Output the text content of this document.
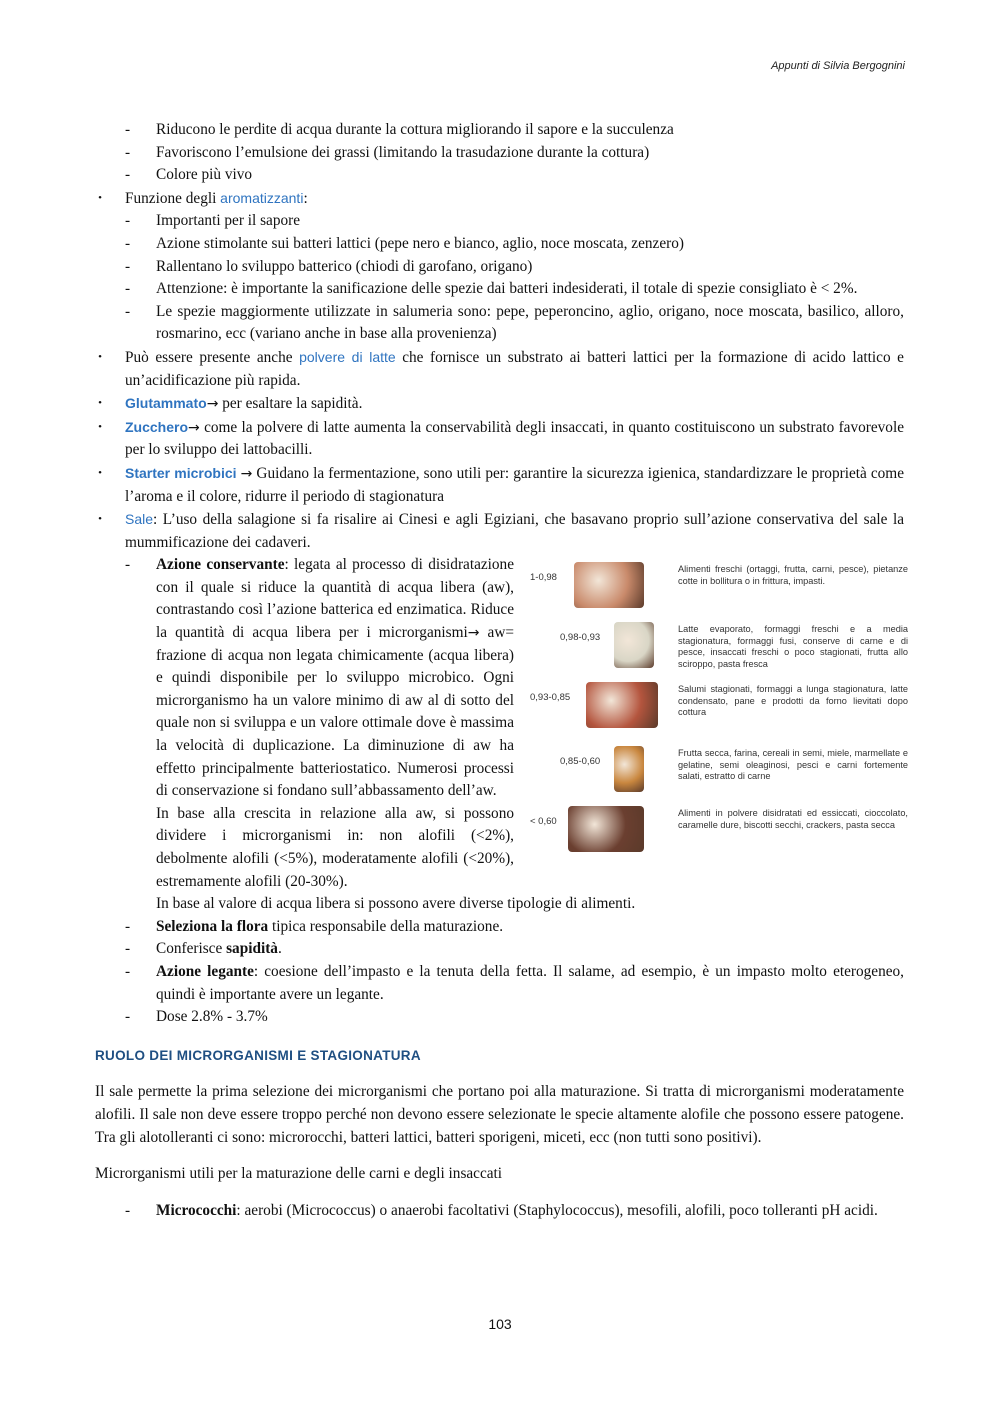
Appunti di Silvia Bergognini
- Riducono le perdite di acqua durante la cottura migliorando il sapore e la succulenza
- Favoriscono l’emulsione dei grassi (limitando la trasudazione durante la cottura)
- Colore più vivo
• Funzione degli aromatizzanti:
- Importanti per il sapore
- Azione stimolante sui batteri lattici (pepe nero e bianco, aglio, noce moscata, zenzero)
- Rallentano lo sviluppo batterico (chiodi di garofano, origano)
- Attenzione: è importante la sanificazione delle spezie dai batteri indesiderati, il totale di spezie consigliato è < 2%.
- Le spezie maggiormente utilizzate in salumeria sono: pepe, peperoncino, aglio, origano, noce moscata, basilico, alloro, rosmarino, ecc (variano anche in base alla provenienza)
• Può essere presente anche polvere di latte che fornisce un substrato ai batteri lattici per la formazione di acido lattico e un’acidificazione più rapida.
• Glutammato→ per esaltare la sapidità.
• Zucchero→ come la polvere di latte aumenta la conservabilità degli insaccati, in quanto costituiscono un substrato favorevole per lo sviluppo dei lattobacilli.
• Starter microbici → Guidano la fermentazione, sono utili per: garantire la sicurezza igienica, standardizzare le proprietà come l’aroma e il colore, ridurre il periodo di stagionatura
• Sale: L’uso della salagione si fa risalire ai Cinesi e agli Egiziani, che basavano proprio sull’azione conservativa del sale la mummificazione dei cadaveri.
-
1-0,98
Alimenti freschi (ortaggi, frutta, carni, pesce), pietanze cotte in bollitura o in frittura, impasti.
0,98-0,93
Latte evaporato, formaggi freschi e a media stagionatura, formaggi fusi, conserve di carne e di pesce, insaccati freschi o poco stagionati, frutta allo sciroppo, pasta fresca
0,93-0,85
Salumi stagionati, formaggi a lunga stagionatura, latte condensato, pane e prodotti da forno lievitati dopo cottura
0,85-0,60
Frutta secca, farina, cereali in semi, miele, marmellate e gelatine, semi oleaginosi, pesci e carni fortemente salati, estratto di carne
< 0,60
Alimenti in polvere disidratati ed essiccati, cioccolato, caramelle dure, biscotti secchi, crackers, pasta secca
Azione conservante: legata al processo di disidratazione con il quale si riduce la quantità di acqua libera (aw), contrastando così l’azione batterica ed enzimatica. Riduce la quantità di acqua libera per i microrganismi→ aw= frazione di acqua non legata chimicamente (acqua libera) e quindi disponibile per lo sviluppo microbico. Ogni microrganismo ha un valore minimo di aw al di sotto del quale non si sviluppa e un valore ottimale dove è massima la velocità di duplicazione. La diminuzione di aw ha effetto principalmente batteriostatico. Numerosi processi di conservazione si fondano sull’abbassamento dell’aw.
In base alla crescita in relazione alla aw, si possono dividere i microrganismi in: non alofili (<2%), debolmente alofili (<5%), moderatamente alofili (<20%), estremamente alofili (20-30%).
In base al valore di acqua libera si possono avere diverse tipologie di alimenti.
- Seleziona la flora tipica responsabile della maturazione.
- Conferisce sapidità.
- Azione legante: coesione dell’impasto e la tenuta della fetta. Il salame, ad esempio, è un impasto molto eterogeneo, quindi è importante avere un legante.
- Dose 2.8% - 3.7%
RUOLO DEI MICRORGANISMI E STAGIONATURA
Il sale permette la prima selezione dei microrganismi che portano poi alla maturazione. Si tratta di microrganismi moderatamente alofili. Il sale non deve essere troppo perché non devono essere selezionate le specie altamente alofile che possono essere patogene. Tra gli alotolleranti ci sono: microrocchi, batteri lattici, batteri sporigeni, miceti, ecc (non tutti sono positivi).
Microrganismi utili per la maturazione delle carni e degli insaccati
- Micrococchi: aerobi (Micrococcus) o anaerobi facoltativi (Staphylococcus), mesofili, alofili, poco tolleranti pH acidi.
103
